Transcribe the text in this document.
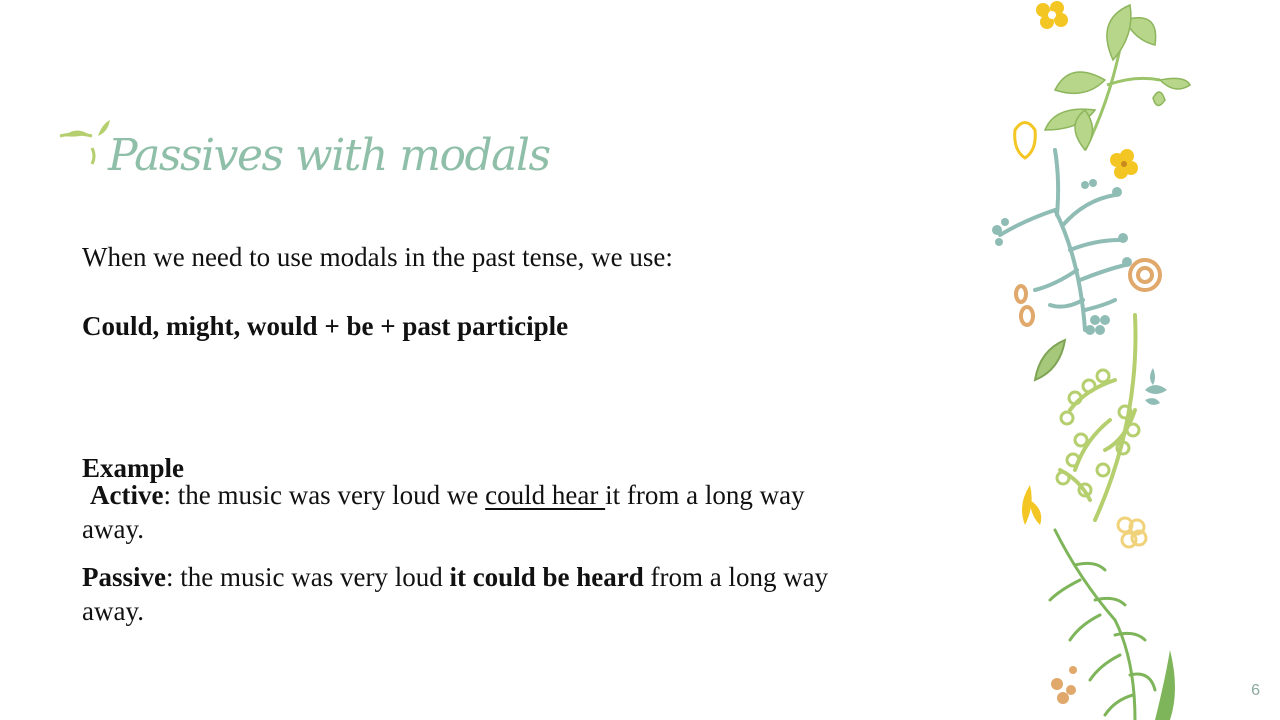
Passives with modals
When we need to use modals in the past tense, we use:
Could, might, would + be + past participle
Example
Active: the music was very loud we could hear it from a long way
away.
Passive: the music was very loud it could be heard from a long way
away.
6
